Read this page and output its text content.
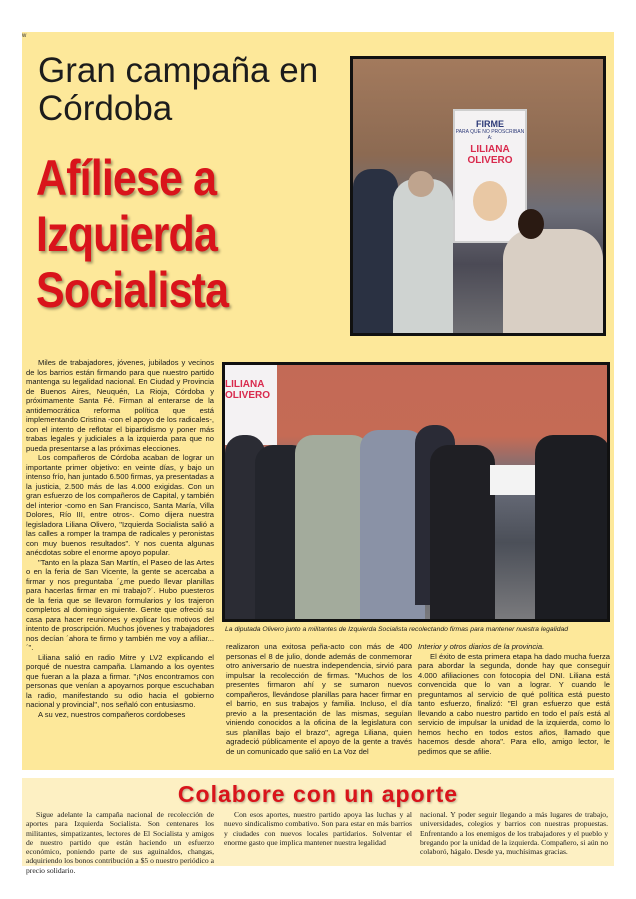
w
Gran campaña en Córdoba
Afíliese a
Izquierda
Socialista
FIRME
PARA QUE NO PROSCRIBAN A:
LILIANA OLIVERO

Miles de trabajadores, jóvenes, jubilados y vecinos de los barrios están firmando para que nuestro partido mantenga su legalidad nacional. En Ciudad y Provincia de Buenos Aires, Neuquén, La Rioja, Córdoba y próximamente Santa Fé. Firman al enterarse de la antidemocrática reforma política que está implementando Cristina -con el apoyo de los radicales-, con el intento de reflotar el bipartidismo y poner más trabas legales y judiciales a la izquierda para que no pueda presentarse a las próximas elecciones.

Los compañeros de Córdoba acaban de lograr un importante primer objetivo: en veinte días, y bajo un intenso frío, han juntado 6.500 firmas, ya presentadas a la justicia, 2.500 más de las 4.000 exigidas. Con un gran esfuerzo de los compañeros de Capital, y también del interior -como en San Francisco, Santa María, Villa Dolores, Río III, entre otros-. Como dijera nuestra legisladora Liliana Olivero, "Izquierda Socialista salió a las calles a romper la trampa de radicales y peronistas con muy buenos resultados". Y nos cuenta algunas anécdotas sobre el enorme apoyo popular.

"Tanto en la plaza San Martín, el Paseo de las Artes o en la feria de San Vicente, la gente se acercaba a firmar y nos preguntaba ´¿me puedo llevar planillas para hacerlas firmar en mi trabajo?´. Hubo puesteros de la feria que se llevaron formularios y los trajeron completos al domingo siguiente. Gente que ofreció su casa para hacer reuniones y explicar los motivos del intento de proscripción. Muchos jóvenes y trabajadores nos decían ´ahora te firmo y también me voy a afiliar...´".

Liliana salió en radio Mitre y LV2 explicando el porqué de nuestra campaña. Llamando a los oyentes que fueran a la plaza a firmar. "¡Nos encontramos con personas que venían a apoyarnos porque escuchaban la radio, manifestando su odio hacia el gobierno nacional y provincial", nos señaló con entusiasmo.

A su vez, nuestros compañeros cordobeses

LILIANA OLIVERO
La diputada Olivero junto a militantes de Izquierda Socialista recolectando firmas para mantener nuestra legalidad

realizaron una exitosa peña-acto con más de 400 personas el 8 de julio, donde además de conmemorar otro aniversario de nuestra independencia, sirvió para impulsar la recolección de firmas. "Muchos de los presentes firmaron ahí y se sumaron nuevos compañeros, llevándose planillas para hacer firmar en el barrio, en sus trabajos y familia. Incluso, el día previo a la presentación de las mismas, seguían viniendo conocidos a la oficina de la legislatura con sus planillas bajo el brazo", agrega Liliana, quien agradeció públicamente el apoyo de la gente a través de un comunicado que salió en La Voz del

Interior y otros diarios de la provincia.

El éxito de esta primera etapa ha dado mucha fuerza para abordar la segunda, donde hay que conseguir 4.000 afiliaciones con fotocopia del DNI. Liliana está convencida que lo van a lograr. Y cuando le preguntamos al servicio de qué política está puesto tanto esfuerzo, finalizó: "El gran esfuerzo que está llevando a cabo nuestro partido en todo el país está al servicio de impulsar la unidad de la izquierda, como lo hemos hecho en todos estos años, llamado que hacemos desde ahora". Para ello, amigo lector, le pedimos que se afilie.

Colabore con un aporte

Sigue adelante la campaña nacional de recolección de aportes para Izquierda Socialista. Son centenares los militantes, simpatizantes, lectores de El Socialista y amigos de nuestro partido que están haciendo un esfuerzo económico, poniendo parte de sus aguinaldos, changas, adquiriendo los bonos contribución a $5 o nuestro periódico a precio solidario.

Con esos aportes, nuestro partido apoya las luchas y al nuevo sindicalismo combativo. Son para estar en más barrios y ciudades con nuevos locales partidarios. Solventar el enorme gasto que implica mantener nuestra legalidad

nacional. Y poder seguir llegando a más lugares de trabajo, universidades, colegios y barrios con nuestras propuestas. Enfrentando a los enemigos de los trabajadores y el pueblo y bregando por la unidad de la izquierda. Compañero, si aún no colaboró, hágalo. Desde ya, muchísimas gracias.
